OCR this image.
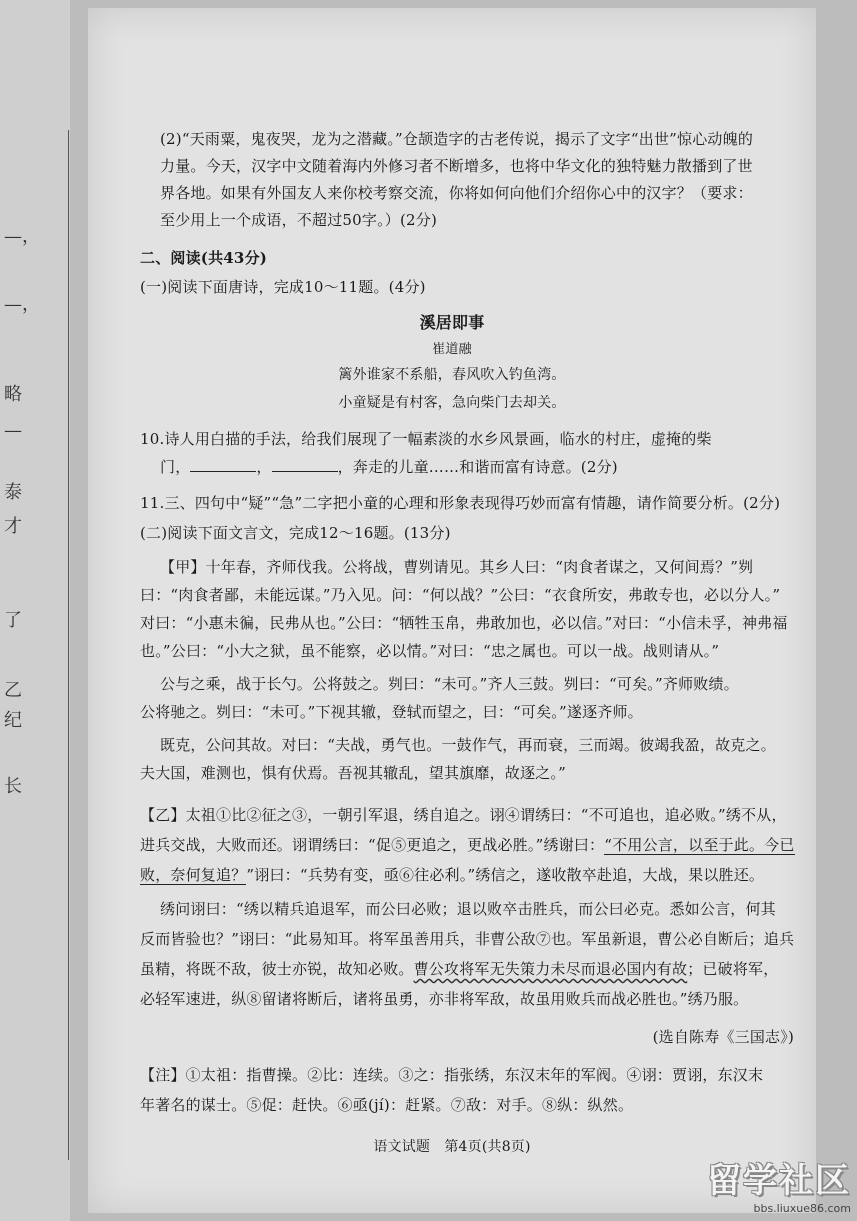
—，
—，
略
—
泰
才
了
乙
纪
长
(2)“天雨粟，鬼夜哭，龙为之潜藏。”仓颉造字的古老传说，揭示了文字“出世”惊心动魄的
力量。今天，汉字中文随着海内外修习者不断增多，也将中华文化的独特魅力散播到了世
界各地。如果有外国友人来你校考察交流，你将如何向他们介绍你心中的汉字？（要求：
至少用上一个成语，不超过50字。）(2分)
二、阅读(共43分)
(一)阅读下面唐诗，完成10～11题。(4分)
溪居即事
崔道融
篱外谁家不系船，春风吹入钓鱼湾。
小童疑是有村客，急向柴门去却关。
10.诗人用白描的手法，给我们展现了一幅素淡的水乡风景画，临水的村庄，虚掩的柴
门，	，	，奔走的儿童……和谐而富有诗意。(2分)
11.三、四句中“疑”“急”二字把小童的心理和形象表现得巧妙而富有情趣，请作简要分析。(2分)
(二)阅读下面文言文，完成12～16题。(13分)
【甲】十年春，齐师伐我。公将战，曹刿请见。其乡人曰：“肉食者谋之，又何间焉？”刿
曰：“肉食者鄙，未能远谋。”乃入见。问：“何以战？”公曰：“衣食所安，弗敢专也，必以分人。”
对曰：“小惠未徧，民弗从也。”公曰：“牺牲玉帛，弗敢加也，必以信。”对曰：“小信未孚，神弗福
也。”公曰：“小大之狱，虽不能察，必以情。”对曰：“忠之属也。可以一战。战则请从。”
公与之乘，战于长勺。公将鼓之。刿曰：“未可。”齐人三鼓。刿曰：“可矣。”齐师败绩。
公将驰之。刿曰：“未可。”下视其辙，登轼而望之，曰：“可矣。”遂逐齐师。
既克，公问其故。对曰：“夫战，勇气也。一鼓作气，再而衰，三而竭。彼竭我盈，故克之。
夫大国，难测也，惧有伏焉。吾视其辙乱，望其旗靡，故逐之。”
【乙】太祖①比②征之③，一朝引军退，绣自追之。诩④谓绣曰：“不可追也，追必败。”绣不从，
进兵交战，大败而还。诩谓绣曰：“促⑤更追之，更战必胜。”绣谢曰：“不用公言，以至于此。今已
败，奈何复追？”诩曰：“兵势有变，亟⑥往必利。”绣信之，遂收散卒赴追，大战，果以胜还。
绣问诩曰：“绣以精兵追退军，而公曰必败；退以败卒击胜兵，而公曰必克。悉如公言，何其
反而皆验也？”诩曰：“此易知耳。将军虽善用兵，非曹公敌⑦也。军虽新退，曹公必自断后；追兵
虽精，将既不敌，彼士亦锐，故知必败。曹公攻将军无失策力未尽而退必国内有故；已破将军，
必轻军速进，纵⑧留诸将断后，诸将虽勇，亦非将军敌，故虽用败兵而战必胜也。”绣乃服。
(选自陈寿《三国志》)
【注】①太祖：指曹操。②比：连续。③之：指张绣，东汉末年的军阀。④诩：贾诩，东汉末
年著名的谋士。⑤促：赶快。⑥亟(jí)：赶紧。⑦敌：对手。⑧纵：纵然。
语文试题　第4页(共8页)
留学社区
bbs.liuxue86.com
